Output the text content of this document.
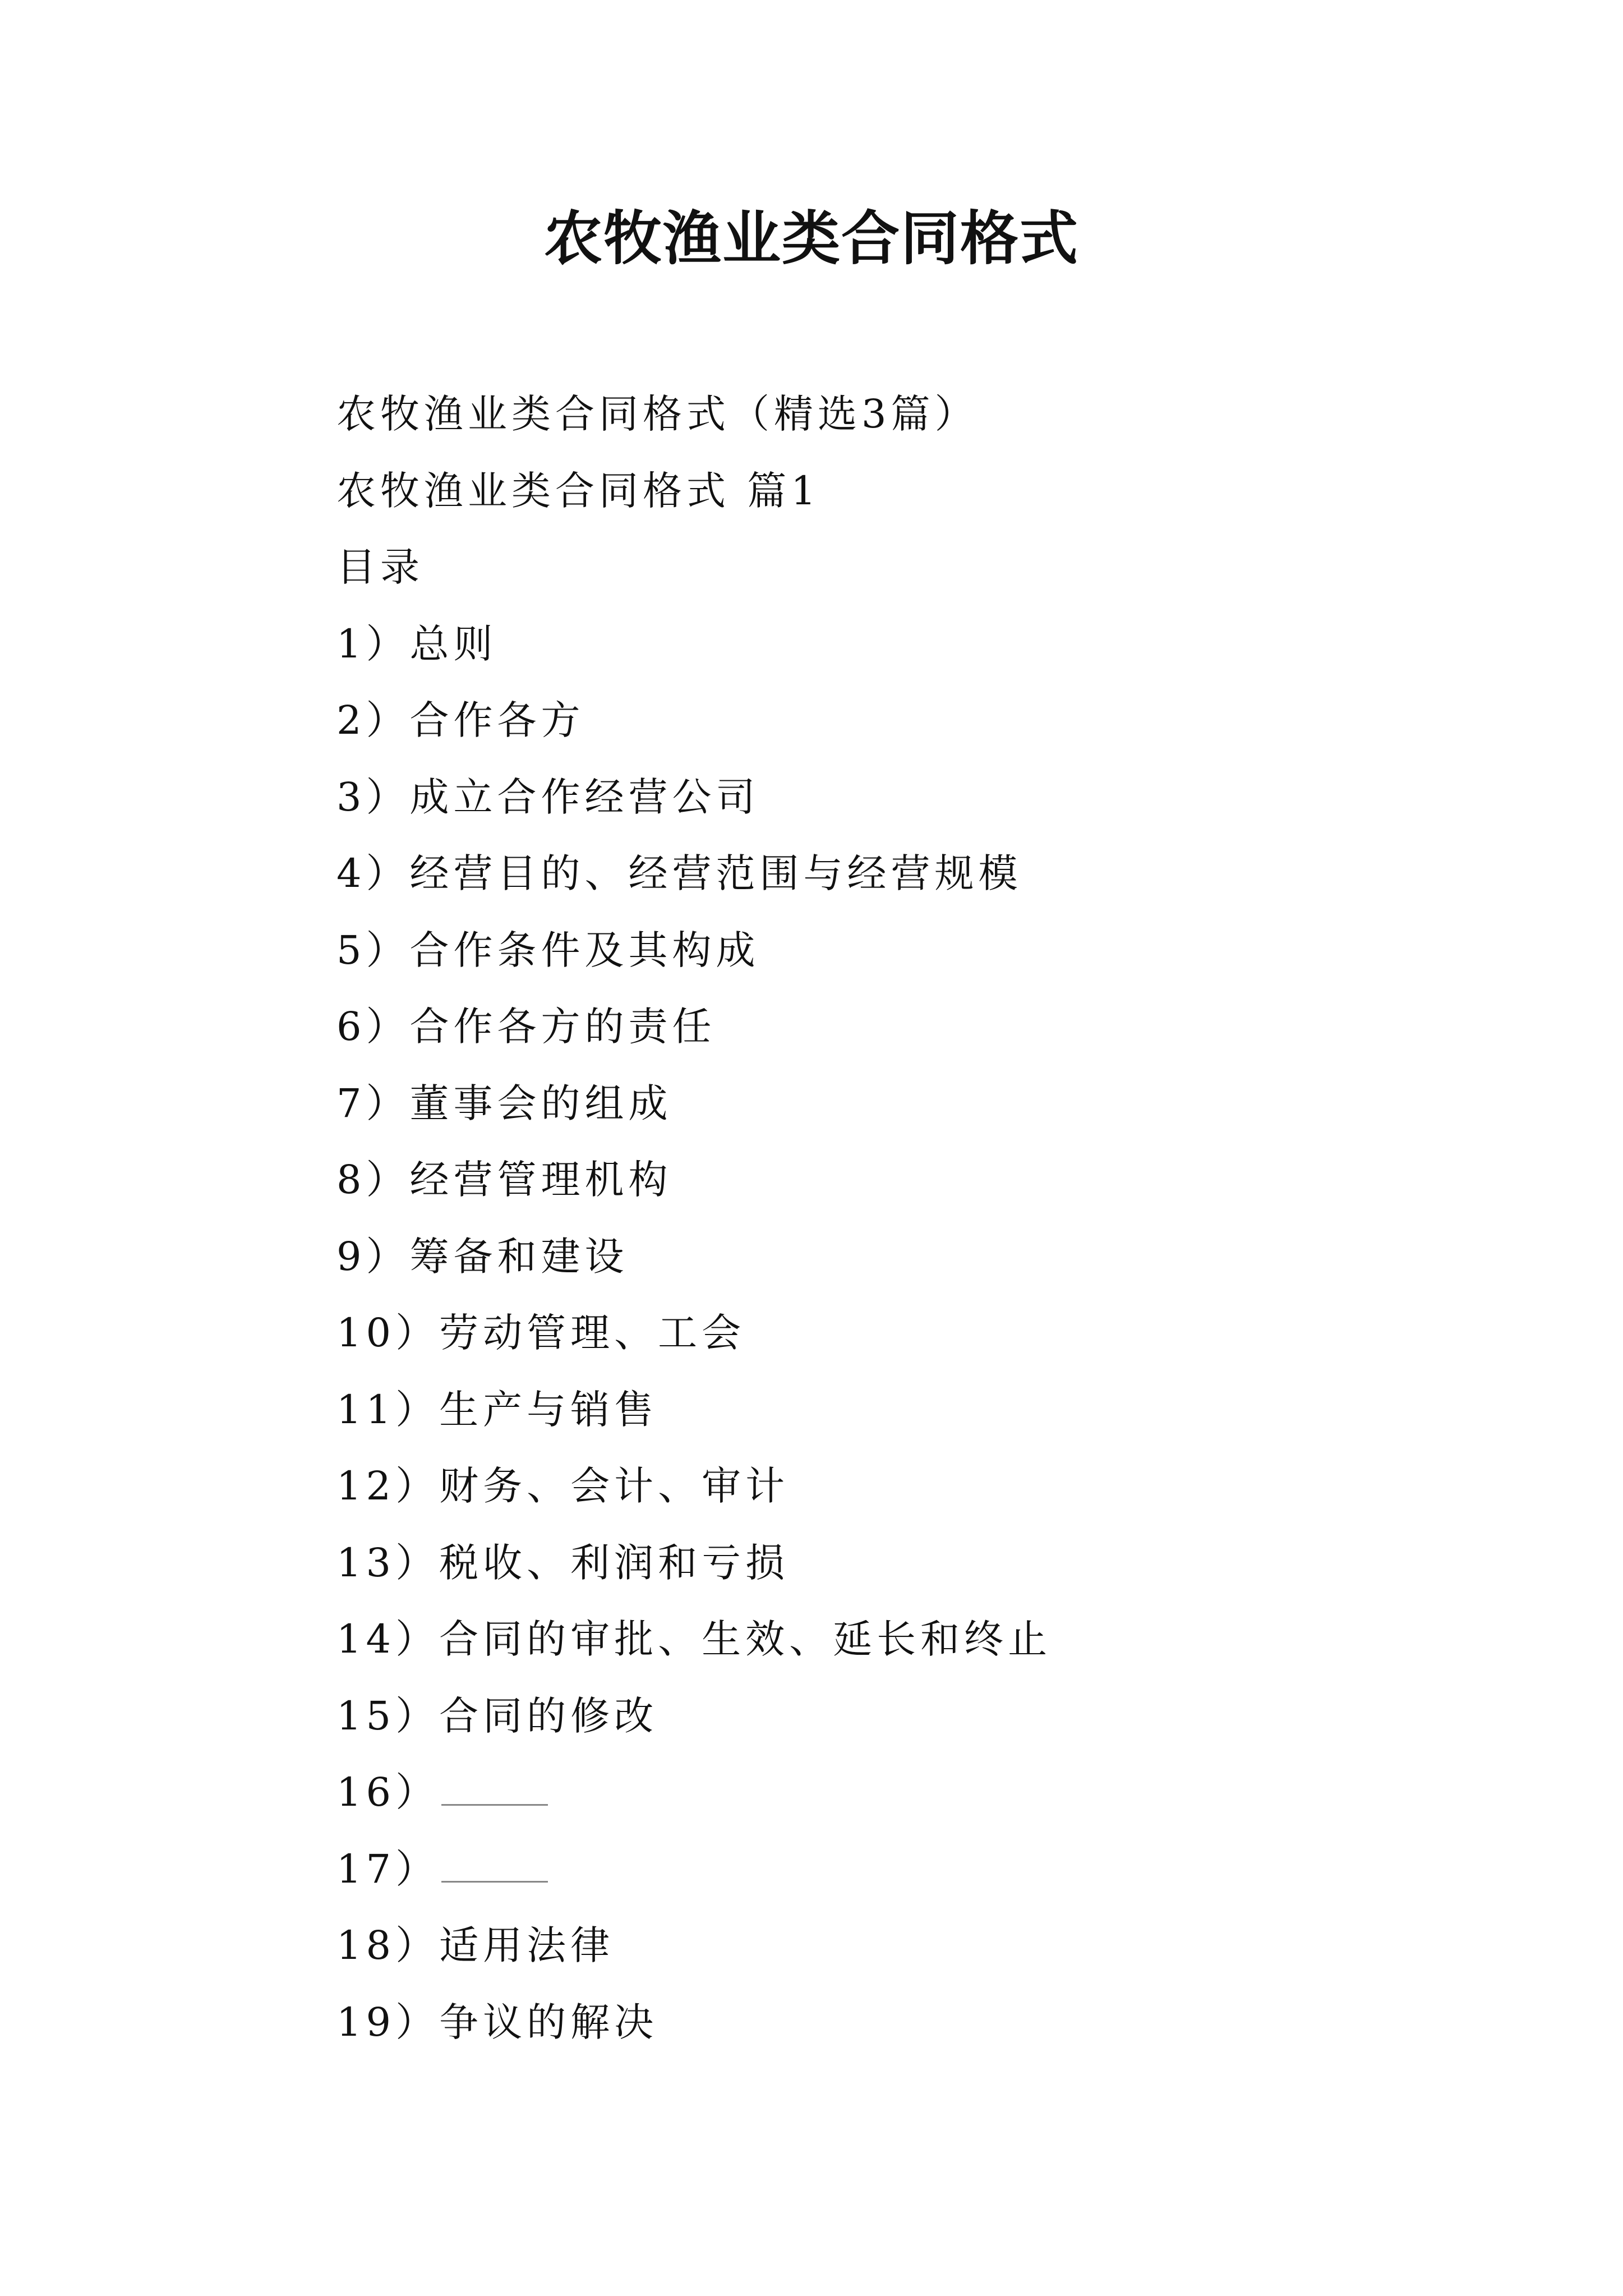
农牧渔业类合同格式
农牧渔业类合同格式（精选3篇）
农牧渔业类合同格式 篇1
目录
1）总则
2）合作各方
3）成立合作经营公司
4）经营目的、经营范围与经营规模
5）合作条件及其构成
6）合作各方的责任
7）董事会的组成
8）经营管理机构
9）筹备和建设
10）劳动管理、工会
11）生产与销售
12）财务、会计、审计
13）税收、利润和亏损
14）合同的审批、生效、延长和终止
15）合同的修改
16）
17）
18）适用法律
19）争议的解决
